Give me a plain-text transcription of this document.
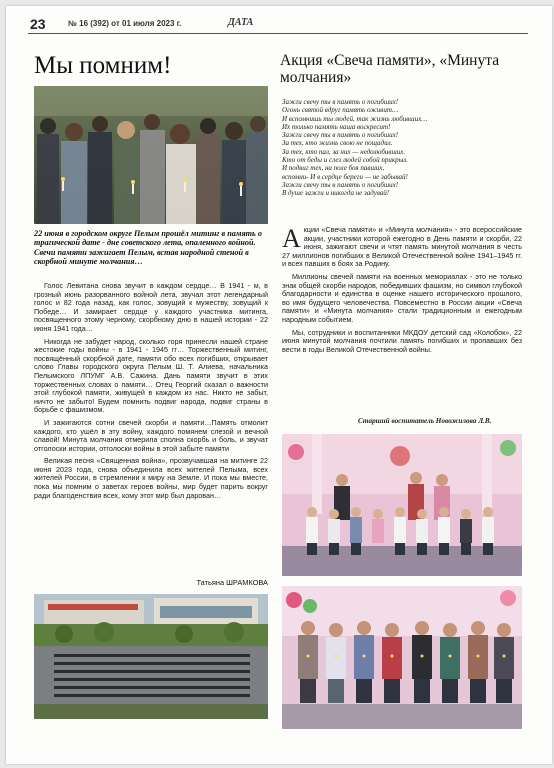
23	№ 16 (392) от 01 июля 2023 г.	ДАТА
Мы помним!
22 июня в городском округе Пелым прошёл митинг в память о трагической дате - дне советского лета, опаленного войной. Свечи памяти зажигает Пелым, встав народной стеной в скорбной минуте молчания…

Голос Левитана снова звучит в каждом сердце… В 1941 - м, в грозный июнь разорванного войной лета, звучал этот легендарный голос и 82 года назад, как голос, зовущий к мужеству, зовущий к Победе… И замирает сердце у каждого участника митинга, посвященного этому черному, скорбному дню в нашей истории - 22 июня 1941 года…

Никогда не забудет народ, сколько горя принесли нашей стране жестокие годы войны - в 1941 - 1945 гг… Торжественный митинг, посвящённый скорбной дате, памяти обо всех погибших, открывает слово Главы городского округа Пелым Ш. Т. Алиева, начальника Пелымского ЛПУМГ А.В. Сажина. Дань памяти звучит в этих торжественных словах о памяти… Отец Георгий сказал о важности этой глубокой памяти, живущей в каждом из нас. Никто не забыт, ничто не забыто! Будем помнить подвиг народа, подвиг страны в борьбе с фашизмом.

И зажигаются сотни свечей скорби и памяти…Память отмолит каждого, кто ушёл в эту войну, каждого помянем слезой и вечной славой! Минута молчания отмерила сполна скорбь и боль, и звучат отголоски истории, отголоски войны в этой забыте памяти

Великая песня «Священная война», прозвучавшая на митинге 22 июня 2023 года, снова объединила всех жителей Пелыма, всех жителей России, в стремлении к миру на Земле. И пока мы вместе, пока мы помним о заветах героев войны, мир будет парить вокруг ради благоденствия всех, кому этот мир был дарован…

Татьяна ШРАМКОВА
Акция «Свеча памяти», «Минута молчания»
Зажги свечу ты в память о погибших!
Огонь святой вдруг память оживит…
И вспомнишь ты людей, так жизнь любивших…
Их только память наша воскресит!
Зажги свечу ты в память о погибших!
За тех, кто жизнь свою не пощадил.
За тех, кто пал, за них — недолюбивших.
Кто от беды и слез людей собой прикрыл.
И подвиг тех, на поле боя павших,
вспомни- И в сердце береги — не забывай!
Зажги свечу ты в память о погибших!
В душе зажги и никогда не задувай!

Акции «Свеча памяти» и «Минута молчания» - это всероссийские акции, участники которой ежегодно в День памяти и скорби, 22 июня, зажигают свечи и чтят память минутой молчания в честь 27 миллионов погибших в Великой Отечественной войне 1941–1945 гг. и всех павших в боях за Родину.

Миллионы свечей памяти на военных мемориалах - это не только знак общей скорби народов, победивших фашизм, но символ глубокой благодарности и единства в оценке нашего исторического прошлого, во имя будущего человечества. Повсеместно в России акции «Свеча памяти» и «Минута молчания» стали традиционным и ежегодным народным событием.

Мы, сотрудники и воспитанники МКДОУ детский сад «Колобок», 22 июня минутой молчания почтили память погибших и пропавших без вести в годы Великой Отечественной войны.

Старший воспитатель Новожилова Л.В.
